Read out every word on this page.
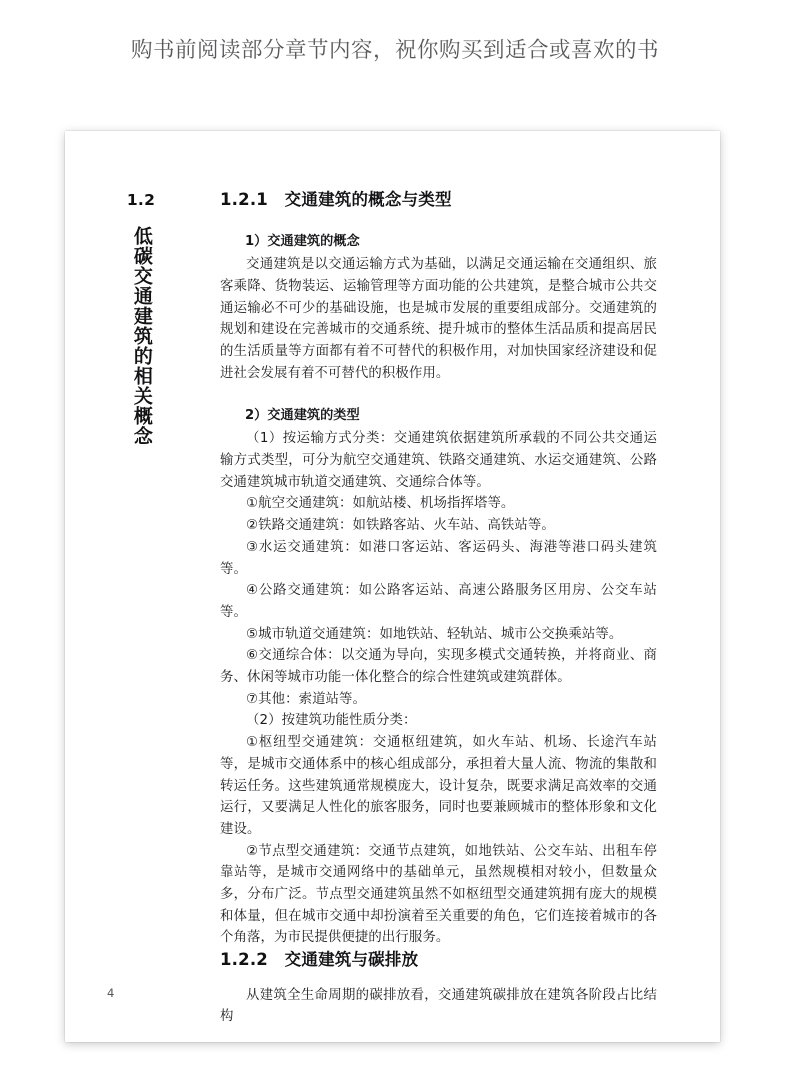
购书前阅读部分章节内容，祝你购买到适合或喜欢的书
1.2
低碳交通建筑的相关概念
1.2.1　交通建筑的概念与类型
1）交通建筑的概念

交通建筑是以交通运输方式为基础，以满足交通运输在交通组织、旅客乘降、货物装运、运输管理等方面功能的公共建筑，是整合城市公共交通运输必不可少的基础设施，也是城市发展的重要组成部分。交通建筑的规划和建设在完善城市的交通系统、提升城市的整体生活品质和提高居民的生活质量等方面都有着不可替代的积极作用，对加快国家经济建设和促进社会发展有着不可替代的积极作用。

2）交通建筑的类型

（1）按运输方式分类：交通建筑依据建筑所承载的不同公共交通运输方式类型，可分为航空交通建筑、铁路交通建筑、水运交通建筑、公路交通建筑城市轨道交通建筑、交通综合体等。

①航空交通建筑：如航站楼、机场指挥塔等。

②铁路交通建筑：如铁路客站、火车站、高铁站等。

③水运交通建筑：如港口客运站、客运码头、海港等港口码头建筑等。

④公路交通建筑：如公路客运站、高速公路服务区用房、公交车站等。

⑤城市轨道交通建筑：如地铁站、轻轨站、城市公交换乘站等。

⑥交通综合体：以交通为导向，实现多模式交通转换，并将商业、商务、休闲等城市功能一体化整合的综合性建筑或建筑群体。

⑦其他：索道站等。

（2）按建筑功能性质分类：

①枢纽型交通建筑：交通枢纽建筑，如火车站、机场、长途汽车站等，是城市交通体系中的核心组成部分，承担着大量人流、物流的集散和转运任务。这些建筑通常规模庞大，设计复杂，既要求满足高效率的交通运行，又要满足人性化的旅客服务，同时也要兼顾城市的整体形象和文化建设。

②节点型交通建筑：交通节点建筑，如地铁站、公交车站、出租车停靠站等，是城市交通网络中的基础单元，虽然规模相对较小，但数量众多，分布广泛。节点型交通建筑虽然不如枢纽型交通建筑拥有庞大的规模和体量，但在城市交通中却扮演着至关重要的角色，它们连接着城市的各个角落，为市民提供便捷的出行服务。

1.2.2　交通建筑与碳排放

从建筑全生命周期的碳排放看，交通建筑碳排放在建筑各阶段占比结构

4
